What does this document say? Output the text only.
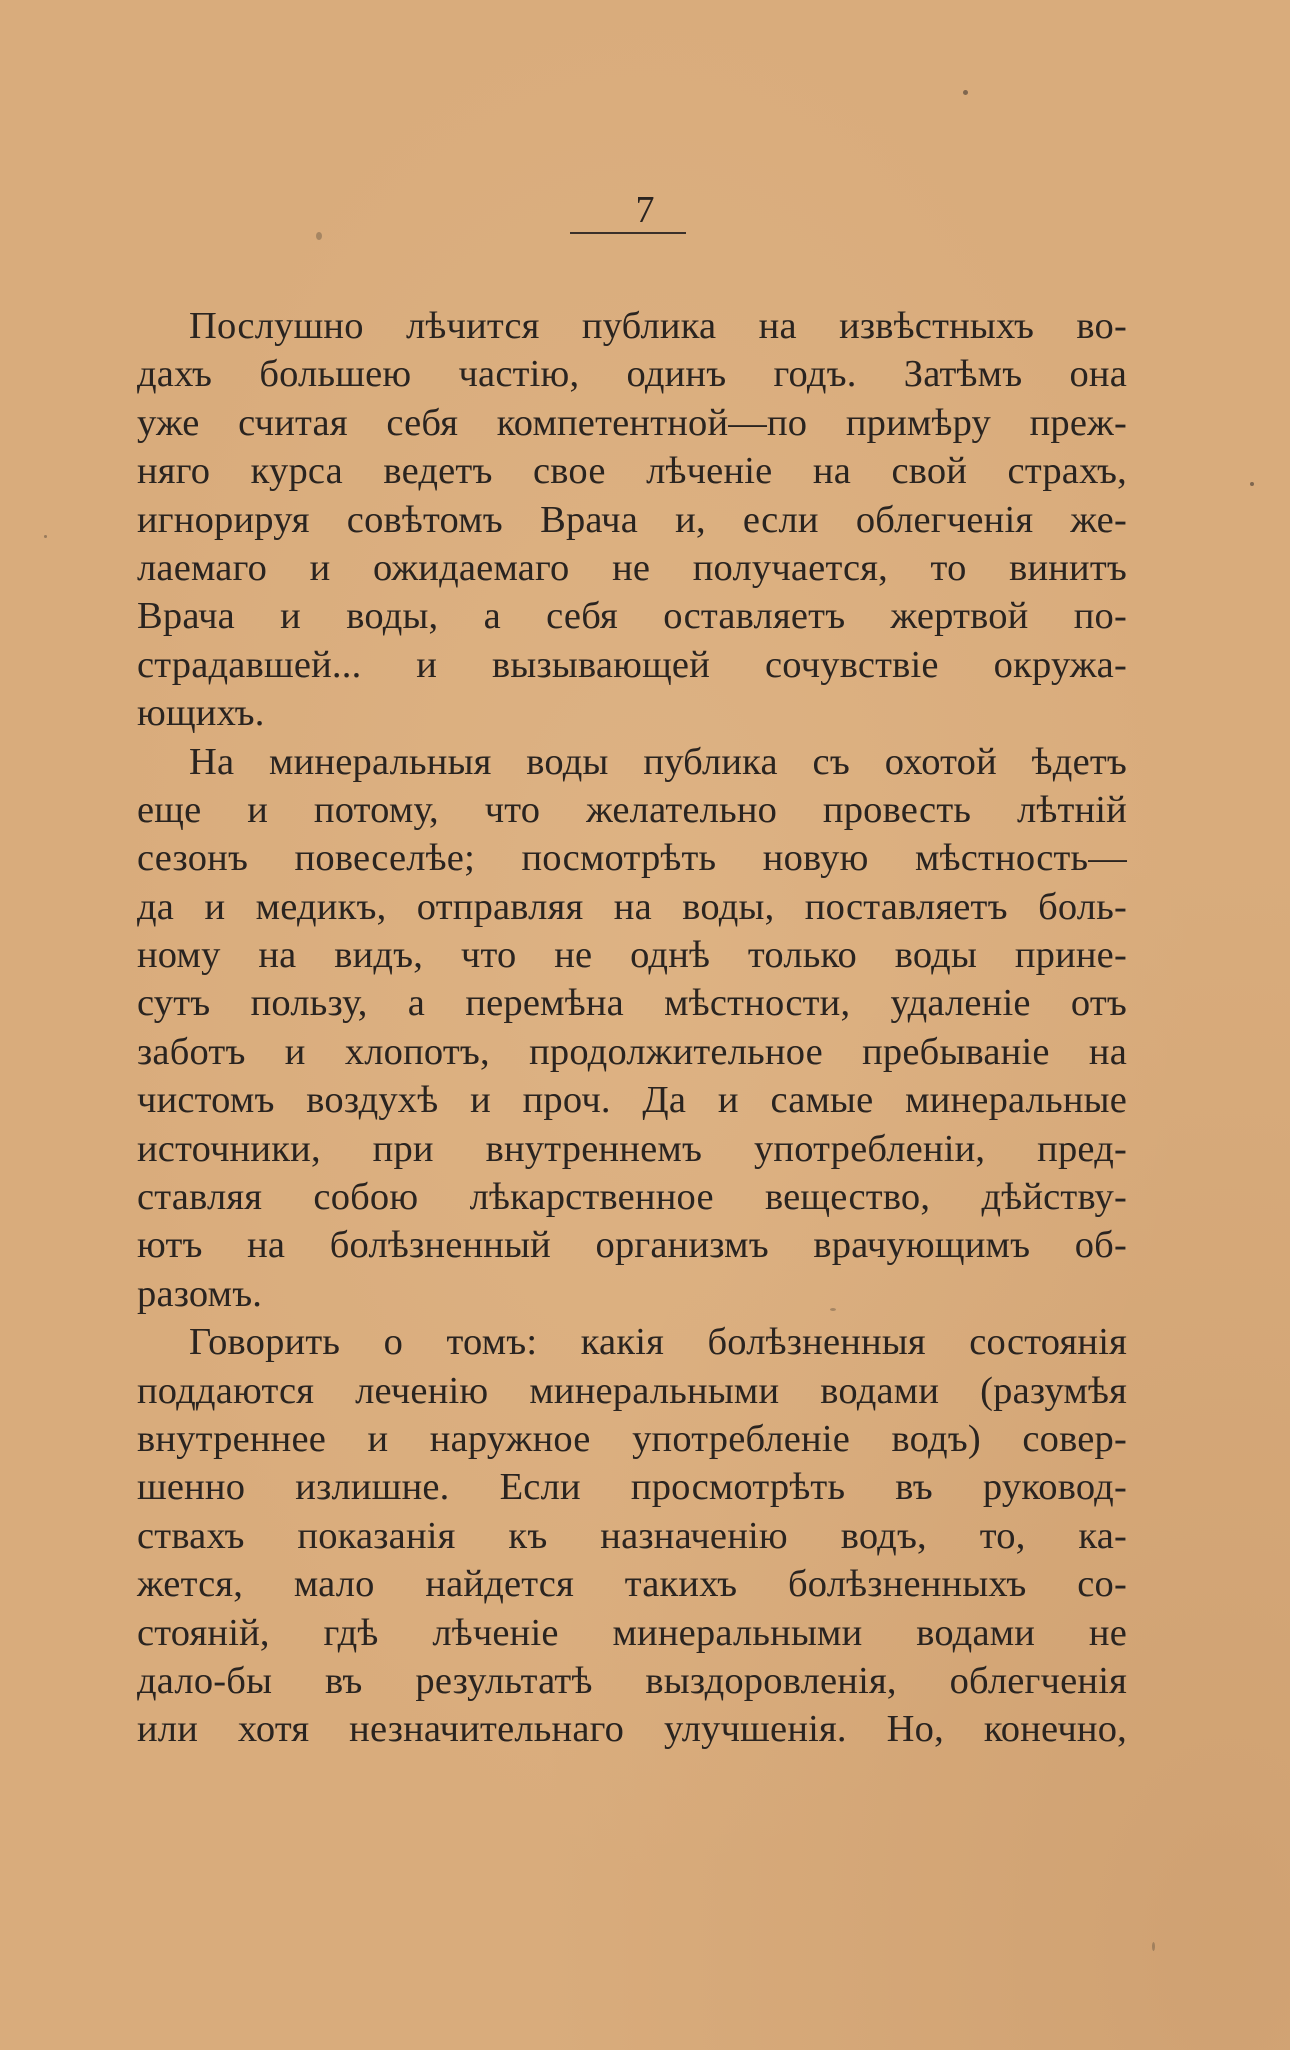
7
Послушно лѣчится публика на извѣстныхъ во-
дахъ большею частію, одинъ годъ. Затѣмъ она
уже считая себя компетентной—по примѣру преж-
няго курса ведетъ свое лѣченіе на свой страхъ,
игнорируя совѣтомъ Врача и, если облегченія же-
лаемаго и ожидаемаго не получается, то винитъ
Врача и воды, а себя оставляетъ жертвой по-
страдавшей... и вызывающей сочувствіе окружа-
ющихъ.
На минеральныя воды публика съ охотой ѣдетъ
еще и потому, что желательно провесть лѣтній
сезонъ повеселѣе; посмотрѣть новую мѣстность—
да и медикъ, отправляя на воды, поставляетъ боль-
ному на видъ, что не однѣ только воды прине-
сутъ пользу, а перемѣна мѣстности, удаленіе отъ
заботъ и хлопотъ, продолжительное пребываніе на
чистомъ воздухѣ и проч. Да и самые минеральные
источники, при внутреннемъ употребленіи, пред-
ставляя собою лѣкарственное вещество, дѣйству-
ютъ на болѣзненный организмъ врачующимъ об-
разомъ.
Говорить о томъ: какія болѣзненныя состоянія
поддаются леченію минеральными водами (разумѣя
внутреннее и наружное употребленіе водъ) совер-
шенно излишне. Если просмотрѣть въ руковод-
ствахъ показанія къ назначенію водъ, то, ка-
жется, мало найдется такихъ болѣзненныхъ со-
стояній, гдѣ лѣченіе минеральными водами не
дало-бы въ результатѣ выздоровленія, облегченія
или хотя незначительнаго улучшенія. Но, конечно,
